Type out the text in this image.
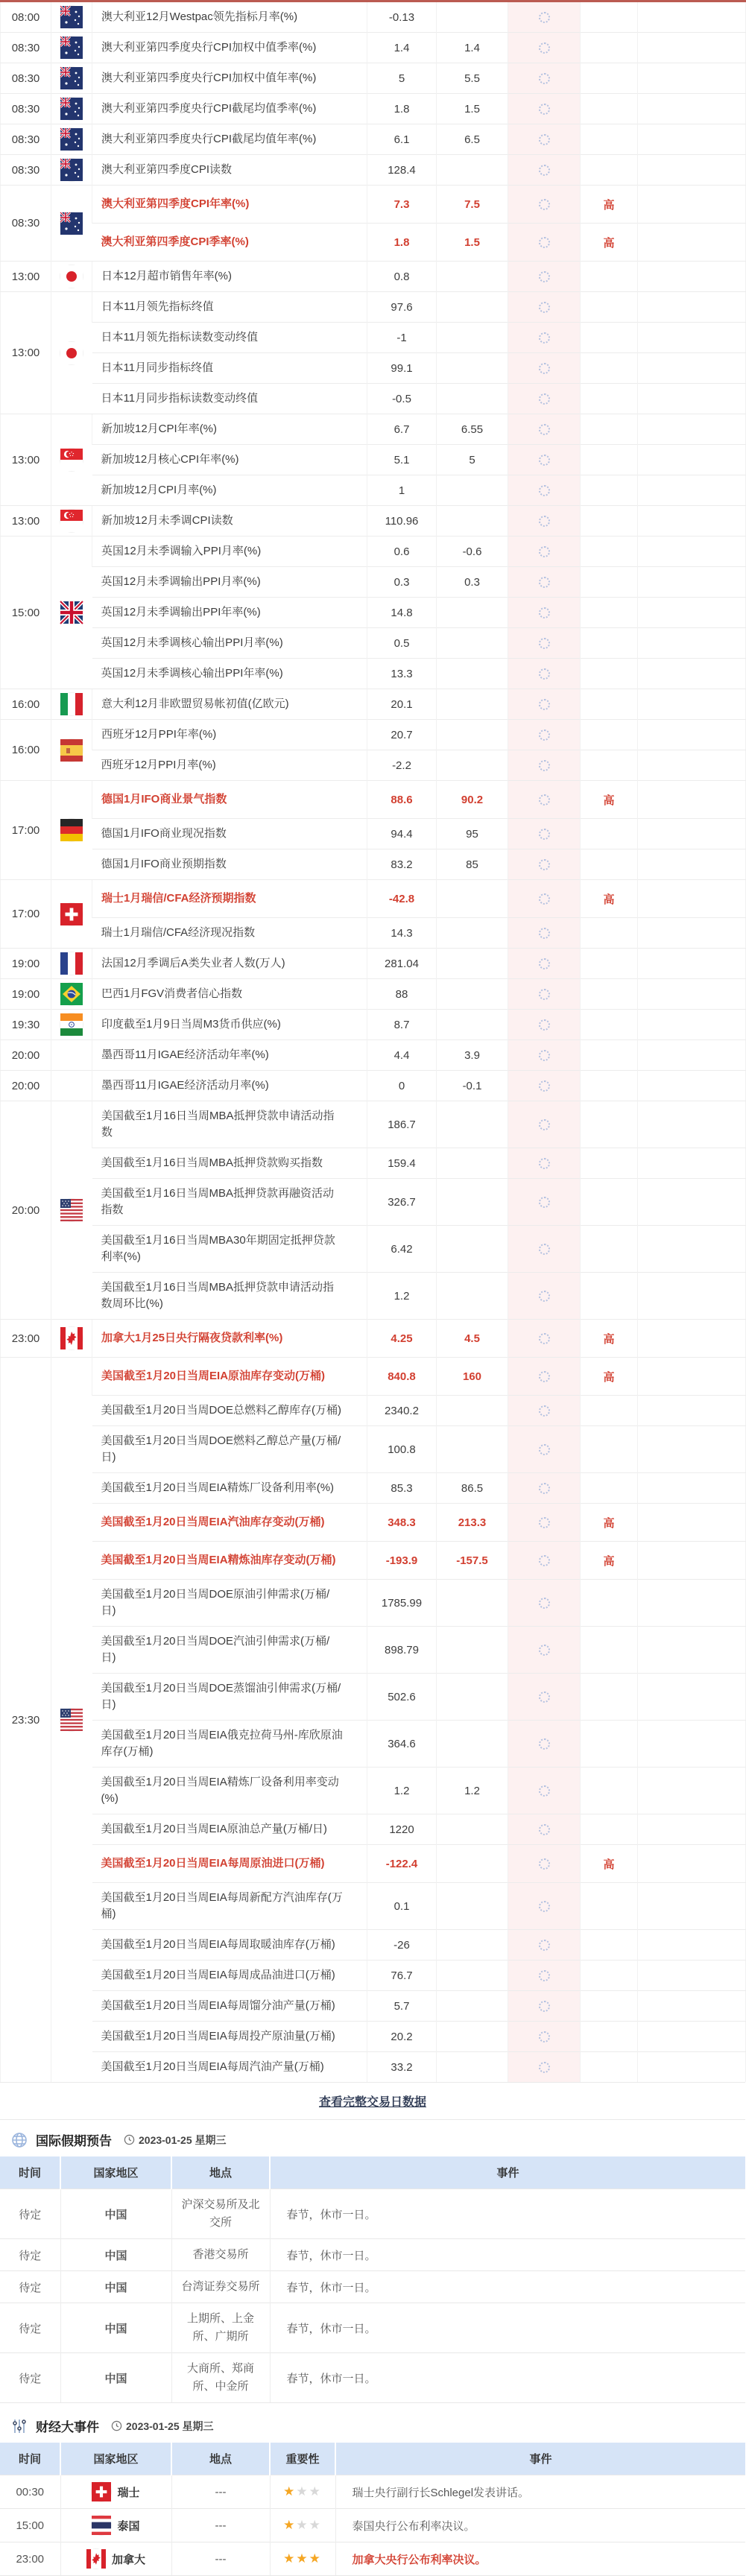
08:00		澳大利亚12月Westpac领先指标月率(%)	-0.13				
08:30		澳大利亚第四季度央行CPI加权中值季率(%)	1.4	1.4			
08:30		澳大利亚第四季度央行CPI加权中值年率(%)	5	5.5			
08:30		澳大利亚第四季度央行CPI截尾均值季率(%)	1.8	1.5			
08:30		澳大利亚第四季度央行CPI截尾均值年率(%)	6.1	6.5			
08:30		澳大利亚第四季度CPI读数	128.4				
08:30		澳大利亚第四季度CPI年率(%)	7.3	7.5		高	
		澳大利亚第四季度CPI季率(%)	1.8	1.5		高	
13:00		日本12月超市销售年率(%)	0.8				
13:00		日本11月领先指标终值	97.6				
		日本11月领先指标读数变动终值	-1				
		日本11月同步指标终值	99.1				
		日本11月同步指标读数变动终值	-0.5				
13:00		新加坡12月CPI年率(%)	6.7	6.55			
		新加坡12月核心CPI年率(%)	5.1	5			
		新加坡12月CPI月率(%)	1				
13:00		新加坡12月未季调CPI读数	110.96				
15:00		英国12月未季调输入PPI月率(%)	0.6	-0.6			
		英国12月未季调输出PPI月率(%)	0.3	0.3			
		英国12月未季调输出PPI年率(%)	14.8				
		英国12月未季调核心输出PPI月率(%)	0.5				
		英国12月未季调核心输出PPI年率(%)	13.3				
16:00		意大利12月非欧盟贸易帐初值(亿欧元)	20.1				
16:00		西班牙12月PPI年率(%)	20.7				
		西班牙12月PPI月率(%)	-2.2				
17:00		德国1月IFO商业景气指数	88.6	90.2		高	
		德国1月IFO商业现况指数	94.4	95			
		德国1月IFO商业预期指数	83.2	85			
17:00		瑞士1月瑞信/CFA经济预期指数	-42.8			高	
		瑞士1月瑞信/CFA经济现况指数	14.3				
19:00		法国12月季调后A类失业者人数(万人)	281.04				
19:00		巴西1月FGV消费者信心指数	88				
19:30		印度截至1月9日当周M3货币供应(%)	8.7				
20:00		墨西哥11月IGAE经济活动年率(%)	4.4	3.9			
20:00		墨西哥11月IGAE经济活动月率(%)	0	-0.1			
20:00		美国截至1月16日当周MBA抵押贷款申请活动指数	186.7				
		美国截至1月16日当周MBA抵押贷款购买指数	159.4				
		美国截至1月16日当周MBA抵押贷款再融资活动指数	326.7				
		美国截至1月16日当周MBA30年期固定抵押贷款利率(%)	6.42				
		美国截至1月16日当周MBA抵押贷款申请活动指数周环比(%)	1.2				
23:00		加拿大1月25日央行隔夜贷款利率(%)	4.25	4.5		高	
23:30		美国截至1月20日当周EIA原油库存变动(万桶)	840.8	160		高	
		美国截至1月20日当周DOE总燃料乙醇库存(万桶)	2340.2				
		美国截至1月20日当周DOE燃料乙醇总产量(万桶/日)	100.8				
		美国截至1月20日当周EIA精炼厂设备利用率(%)	85.3	86.5			
		美国截至1月20日当周EIA汽油库存变动(万桶)	348.3	213.3		高	
		美国截至1月20日当周EIA精炼油库存变动(万桶)	-193.9	-157.5		高	
		美国截至1月20日当周DOE原油引伸需求(万桶/日)	1785.99				
		美国截至1月20日当周DOE汽油引伸需求(万桶/日)	898.79				
		美国截至1月20日当周DOE蒸馏油引伸需求(万桶/日)	502.6				
		美国截至1月20日当周EIA俄克拉荷马州-库欣原油库存(万桶)	364.6				
		美国截至1月20日当周EIA精炼厂设备利用率变动(%)	1.2	1.2			
		美国截至1月20日当周EIA原油总产量(万桶/日)	1220				
		美国截至1月20日当周EIA每周原油进口(万桶)	-122.4			高	
		美国截至1月20日当周EIA每周新配方汽油库存(万桶)	0.1				
		美国截至1月20日当周EIA每周取暖油库存(万桶)	-26				
		美国截至1月20日当周EIA每周成品油进口(万桶)	76.7				
		美国截至1月20日当周EIA每周馏分油产量(万桶)	5.7				
		美国截至1月20日当周EIA每周投产原油量(万桶)	20.2				
		美国截至1月20日当周EIA每周汽油产量(万桶)	33.2				
查看完整交易日数据
国际假期预告	2023-01-25 星期三
时间	国家地区	地点	事件
待定	中国	沪深交易所及北交所	春节，休市一日。
待定	中国	香港交易所	春节，休市一日。
待定	中国	台湾证券交易所	春节，休市一日。
待定	中国	上期所、上金所、广期所	春节，休市一日。
待定	中国	大商所、郑商所、中金所	春节，休市一日。
财经大事件	2023-01-25 星期三
时间	国家地区	地点	重要性	事件
00:30	瑞士	---	★★★	瑞士央行副行长Schlegel发表讲话。
15:00	泰国	---	★★★	泰国央行公布利率决议。
23:00	加拿大	---	★★★	加拿大央行公布利率决议。
